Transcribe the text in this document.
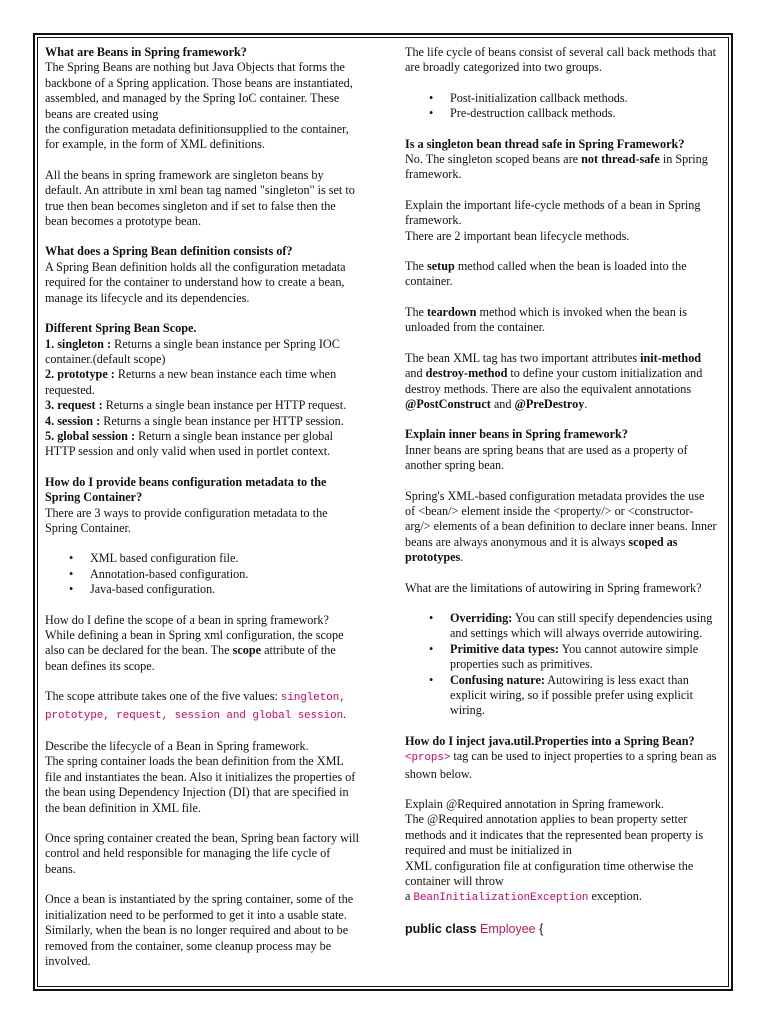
What are Beans in Spring framework?
The Spring Beans are nothing but Java Objects that forms the backbone of a Spring application. Those beans are instantiated, assembled, and managed by the Spring IoC container. These beans are created using
the configuration metadata definitionsupplied to the container, for example, in the form of XML definitions.

All the beans in spring framework are singleton beans by default. An attribute in xml bean tag named "singleton" is set to true then bean becomes singleton and if set to false then the bean becomes a prototype bean.

What does a Spring Bean definition consists of?
A Spring Bean definition holds all the configuration metadata required for the container to understand how to create a bean, manage its lifecycle and its dependencies.

Different Spring Bean Scope.
1. singleton : Returns a single bean instance per Spring IOC container.(default scope)
2. prototype : Returns a new bean instance each time when requested.
3. request : Returns a single bean instance per HTTP request.
4. session : Returns a single bean instance per HTTP session.
5. global session : Return a single bean instance per global HTTP session and only valid when used in portlet context.

How do I provide beans configuration metadata to the Spring Container?
There are 3 ways to provide configuration metadata to the Spring Container.

• XML based configuration file.
• Annotation-based configuration.
• Java-based configuration.

How do I define the scope of a bean in spring framework?
While defining a bean in Spring xml configuration, the scope also can be declared for the bean. The scope attribute of the bean defines its scope.

The scope attribute takes one of the five values: singleton, prototype, request, session and global session.

Describe the lifecycle of a Bean in Spring framework.
The spring container loads the bean definition from the XML file and instantiates the bean. Also it initializes the properties of the bean using Dependency Injection (DI) that are specified in the bean definition in XML file.

Once spring container created the bean, Spring bean factory will control and held responsible for managing the life cycle of beans.

Once a bean is instantiated by the spring container, some of the initialization need to be performed to get it into a usable state. Similarly, when the bean is no longer required and about to be removed from the container, some cleanup process may be involved.

The life cycle of beans consist of several call back methods that are broadly categorized into two groups.

• Post-initialization callback methods.
• Pre-destruction callback methods.

Is a singleton bean thread safe in Spring Framework?
No. The singleton scoped beans are not thread-safe in Spring framework.

Explain the important life-cycle methods of a bean in Spring framework.
There are 2 important bean lifecycle methods.

The setup method called when the bean is loaded into the container.

The teardown method which is invoked when the bean is unloaded from the container.

The bean XML tag has two important attributes init-method and destroy-method to define your custom initialization and destroy methods. There are also the equivalent annotations @PostConstruct and @PreDestroy.

Explain inner beans in Spring framework?
Inner beans are spring beans that are used as a property of another spring bean.

Spring's XML-based configuration metadata provides the use of <bean/> element inside the <property/> or <constructor-arg/> elements of a bean definition to declare inner beans. Inner beans are always anonymous and it is always scoped as prototypes.

What are the limitations of autowiring in Spring framework?

• Overriding: You can still specify dependencies using and settings which will always override autowiring.
• Primitive data types: You cannot autowire simple properties such as primitives.
• Confusing nature: Autowiring is less exact than explicit wiring, so if possible prefer using explicit wiring.

How do I inject java.util.Properties into a Spring Bean?
<props> tag can be used to inject properties to a spring bean as shown below.

Explain @Required annotation in Spring framework.
The @Required annotation applies to bean property setter methods and it indicates that the represented bean property is required and must be initialized in
XML configuration file at configuration time otherwise the container will throw
a BeanInitializationException exception.

public class Employee {
